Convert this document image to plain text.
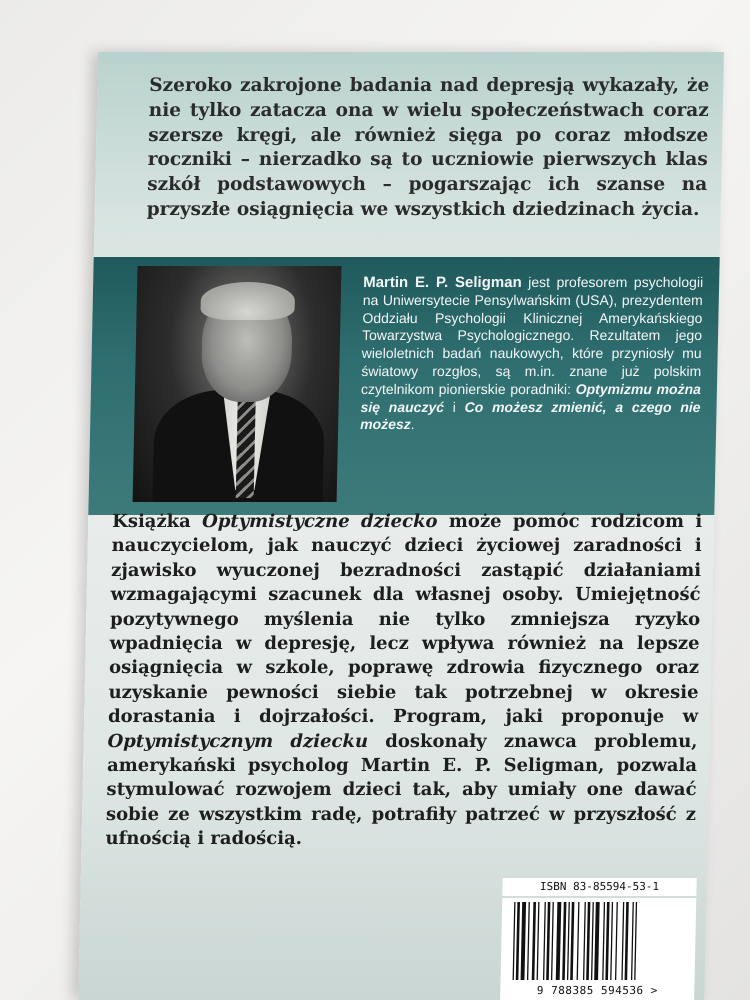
Szeroko zakrojone badania nad depresją wykazały, że nie tylko zatacza ona w wielu społeczeństwach coraz szersze kręgi, ale również sięga po coraz młodsze roczniki – nierzadko są to uczniowie pierwszych klas szkół podstawowych – pogarszając ich szanse na przyszłe osiągnięcia we wszystkich dziedzinach życia.

Martin E. P. Seligman jest profesorem psychologii na Uniwersytecie Pensylwańskim (USA), prezydentem Oddziału Psychologii Klinicznej Amerykańskiego Towarzystwa Psychologicznego. Rezultatem jego wieloletnich badań naukowych, które przyniosły mu światowy rozgłos, są m.in. znane już polskim czytelnikom pionierskie poradniki: Optymizmu można się nauczyć i Co możesz zmienić, a czego nie możesz.

Książka Optymistyczne dziecko może pomóc rodzicom i nauczycielom, jak nauczyć dzieci życiowej zaradności i zjawisko wyuczonej bezradności zastąpić działaniami wzmagającymi szacunek dla własnej osoby. Umiejętność pozytywnego myślenia nie tylko zmniejsza ryzyko wpadnięcia w depresję, lecz wpływa również na lepsze osiągnięcia w szkole, poprawę zdrowia fizycznego oraz uzyskanie pewności siebie tak potrzebnej w okresie dorastania i dojrzałości. Program, jaki proponuje w Optymistycznym dziecku doskonały znawca problemu, amerykański psycholog Martin E. P. Seligman, pozwala stymulować rozwojem dzieci tak, aby umiały one dawać sobie ze wszystkim radę, potrafiły patrzeć w przyszłość z ufnością i radością.

ISBN 83-85594-53-1
9 788385 594536 >
